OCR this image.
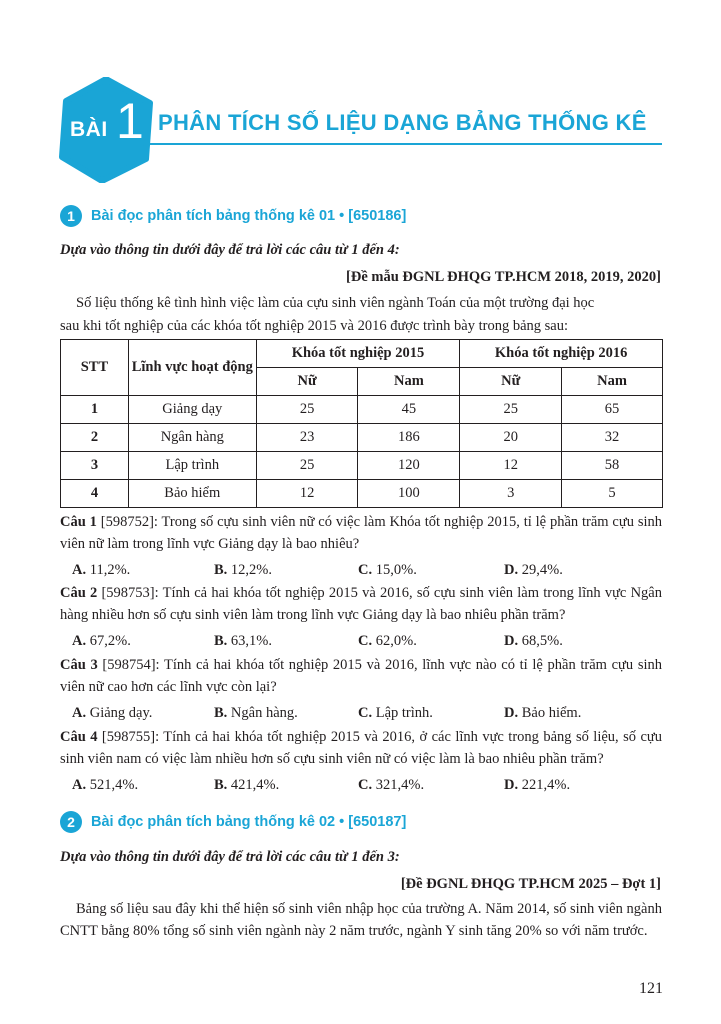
BÀI 1 PHÂN TÍCH SỐ LIỆU DẠNG BẢNG THỐNG KÊ
1	Bài đọc phân tích bảng thống kê 01 • [650186]
Dựa vào thông tin dưới đây để trả lời các câu từ 1 đến 4:
[Đề mẫu ĐGNL ĐHQG TP.HCM 2018, 2019, 2020]
Số liệu thống kê tình hình việc làm của cựu sinh viên ngành Toán của một trường đại học
sau khi tốt nghiệp của các khóa tốt nghiệp 2015 và 2016 được trình bày trong bảng sau:
STT	Lĩnh vực hoạt động	Khóa tốt nghiệp 2015		Khóa tốt nghiệp 2016	
		Nữ	Nam	Nữ	Nam
1	Giảng dạy	25	45	25	65
2	Ngân hàng	23	186	20	32
3	Lập trình	25	120	12	58
4	Bảo hiểm	12	100	3	5
Câu 1 [598752]: Trong số cựu sinh viên nữ có việc làm Khóa tốt nghiệp 2015, tỉ lệ phần trăm cựu sinh viên nữ làm trong lĩnh vực Giảng dạy là bao nhiêu?
A. 11,2%.	B. 12,2%.	C. 15,0%.	D. 29,4%.
Câu 2 [598753]: Tính cả hai khóa tốt nghiệp 2015 và 2016, số cựu sinh viên làm trong lĩnh vực Ngân hàng nhiều hơn số cựu sinh viên làm trong lĩnh vực Giảng dạy là bao nhiêu phần trăm?
A. 67,2%.	B. 63,1%.	C. 62,0%.	D. 68,5%.
Câu 3 [598754]: Tính cả hai khóa tốt nghiệp 2015 và 2016, lĩnh vực nào có tỉ lệ phần trăm cựu sinh viên nữ cao hơn các lĩnh vực còn lại?
A. Giảng dạy.	B. Ngân hàng.	C. Lập trình.	D. Bảo hiểm.
Câu 4 [598755]: Tính cả hai khóa tốt nghiệp 2015 và 2016, ở các lĩnh vực trong bảng số liệu, số cựu sinh viên nam có việc làm nhiều hơn số cựu sinh viên nữ có việc làm là bao nhiêu phần trăm?
A. 521,4%.	B. 421,4%.	C. 321,4%.	D. 221,4%.
2	Bài đọc phân tích bảng thống kê 02 • [650187]
Dựa vào thông tin dưới đây để trả lời các câu từ 1 đến 3:
[Đề ĐGNL ĐHQG TP.HCM 2025 – Đợt 1]
Bảng số liệu sau đây khi thể hiện số sinh viên nhập học của trường A. Năm 2014, số sinh viên ngành CNTT bằng 80% tổng số sinh viên ngành này 2 năm trước, ngành Y sinh tăng 20% so với năm trước.
121
